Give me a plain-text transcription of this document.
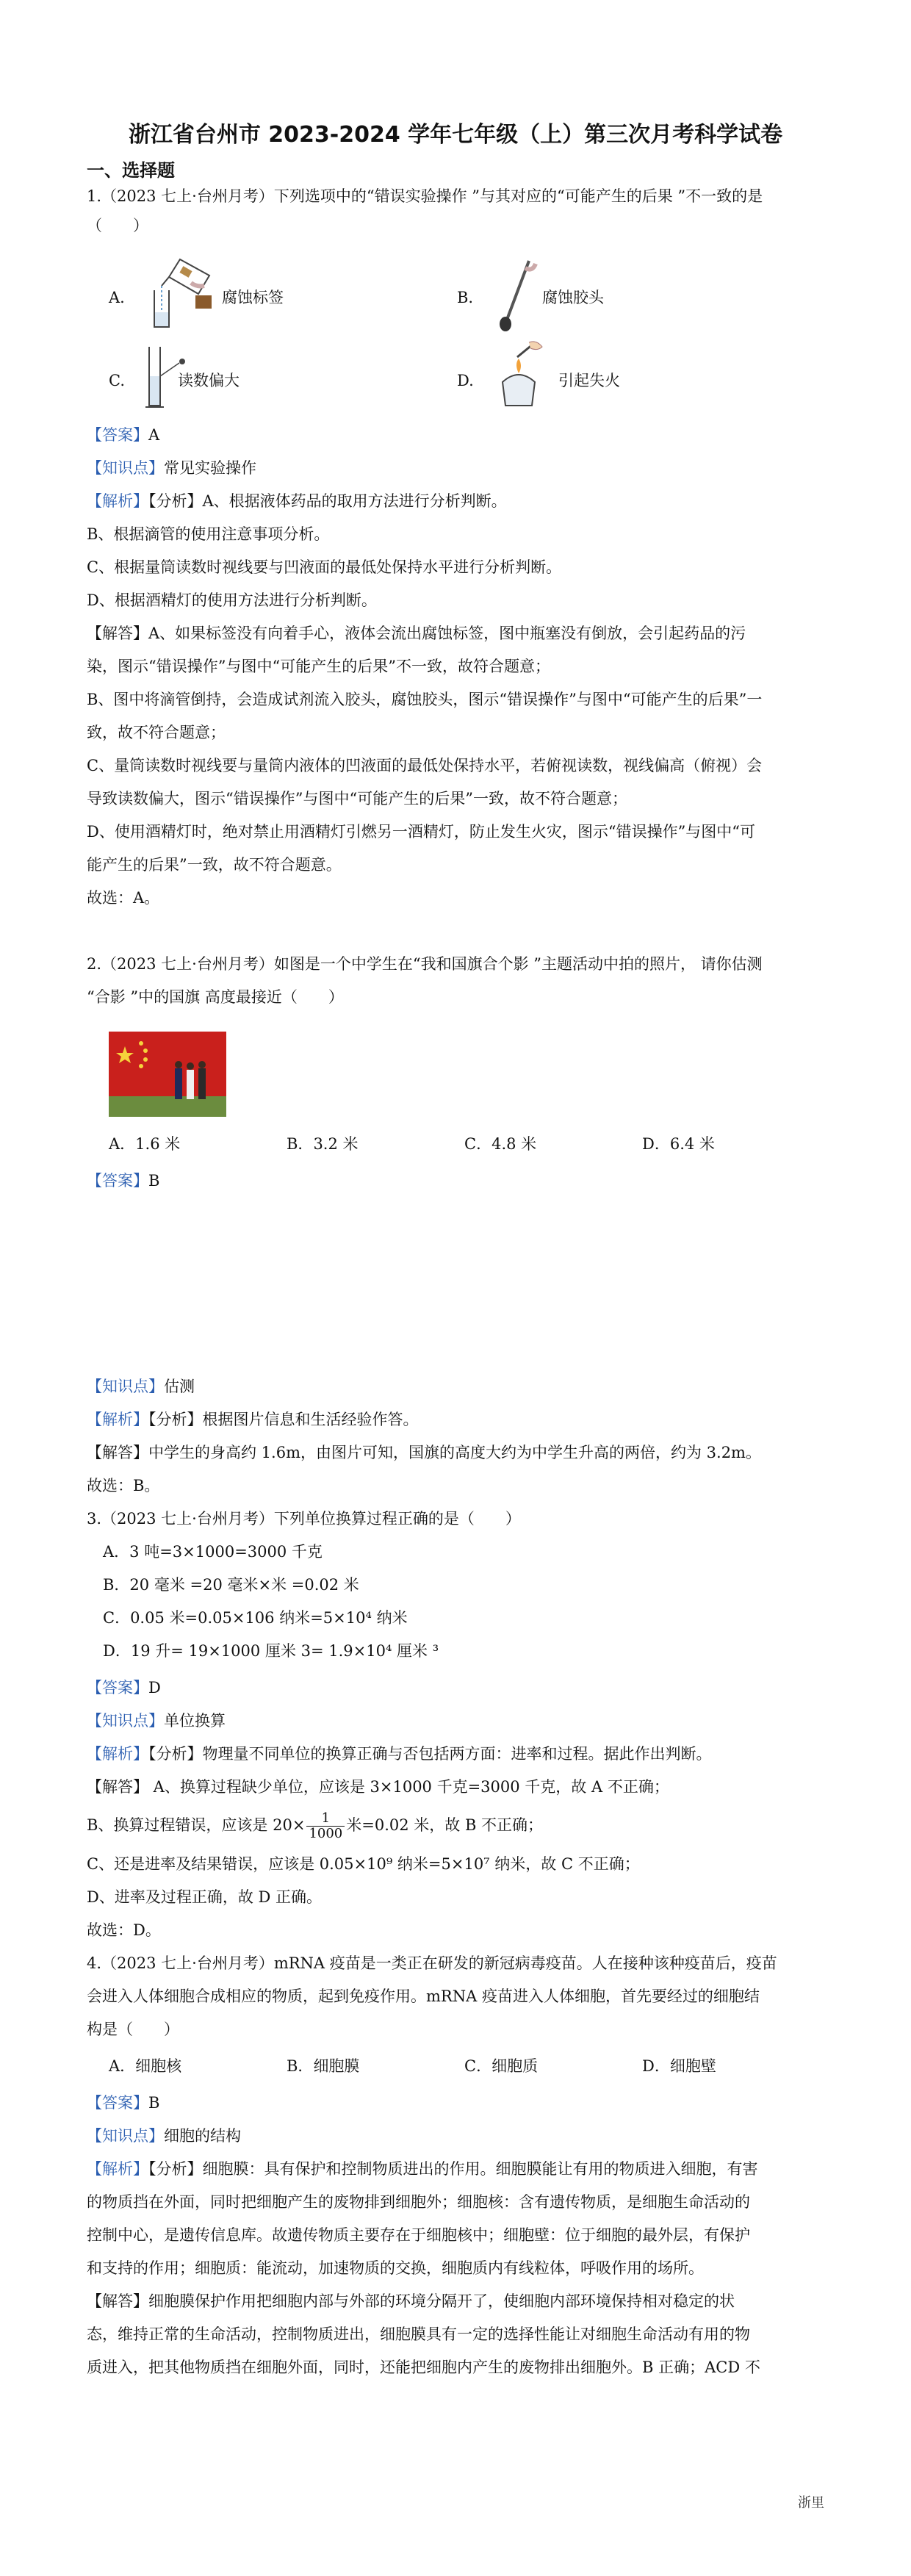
浙江省台州市 2023-2024 学年七年级（上）第三次月考科学试卷
一、选择题
1.（2023 七上·台州月考）下列选项中的“错误实验操作 ”与其对应的“可能产生的后果 ”不一致的是
（　　）
A.	腐蚀标签	B.	腐蚀胶头
C.	读数偏大	D.	引起失火
【答案】A
【知识点】常见实验操作
【解析】【分析】A、根据液体药品的取用方法进行分析判断。
B、根据滴管的使用注意事项分析。
C、根据量筒读数时视线要与凹液面的最低处保持水平进行分析判断。
D、根据酒精灯的使用方法进行分析判断。
【解答】A、如果标签没有向着手心，液体会流出腐蚀标签，图中瓶塞没有倒放，会引起药品的污
染，图示“错误操作”与图中“可能产生的后果”不一致，故符合题意；
B、图中将滴管倒持，会造成试剂流入胶头，腐蚀胶头，图示“错误操作”与图中“可能产生的后果”一
致，故不符合题意；
C、量筒读数时视线要与量筒内液体的凹液面的最低处保持水平，若俯视读数，视线偏高（俯视）会
导致读数偏大，图示“错误操作”与图中“可能产生的后果”一致，故不符合题意；
D、使用酒精灯时，绝对禁止用酒精灯引燃另一酒精灯，防止发生火灾，图示“错误操作”与图中“可
能产生的后果”一致，故不符合题意。
故选：A。
2.（2023 七上·台州月考）如图是一个中学生在“我和国旗合个影 ”主题活动中拍的照片， 请你估测
“合影 ”中的国旗 高度最接近（　　）
A．1.6 米	B．3.2 米	C．4.8 米	D．6.4 米
【答案】B
【知识点】估测
【解析】【分析】根据图片信息和生活经验作答。
【解答】中学生的身高约 1.6m，由图片可知，国旗的高度大约为中学生升高的两倍，约为 3.2m。
故选：B。
3.（2023 七上·台州月考）下列单位换算过程正确的是（　　）
A．3 吨=3×1000=3000 千克
B．20 毫米 =20 毫米×米 =0.02 米
C．0.05 米=0.05×106 纳米=5×10⁴ 纳米
D．19 升= 19×1000 厘米 3= 1.9×10⁴ 厘米 ³
【答案】D
【知识点】单位换算
【解析】【分析】物理量不同单位的换算正确与否包括两方面：进率和过程。据此作出判断。
【解答】 A、换算过程缺少单位，应该是 3×1000 千克=3000 千克，故 A 不正确；
B、换算过程错误，应该是 $20\times \frac{1}{1000}$ 米=0.02 米，故 B 不正确；
C、还是进率及结果错误，应该是 0.05×10⁹ 纳米=5×10⁷ 纳米，故 C 不正确；
D、进率及过程正确，故 D 正确。
故选：D。
4.（2023 七上·台州月考）mRNA 疫苗是一类正在研发的新冠病毒疫苗。人在接种该种疫苗后，疫苗
会进入人体细胞合成相应的物质，起到免疫作用。mRNA 疫苗进入人体细胞，首先要经过的细胞结
构是（　　）
A．细胞核	B．细胞膜	C．细胞质	D．细胞壁
【答案】B
【知识点】细胞的结构
【解析】【分析】细胞膜：具有保护和控制物质进出的作用。细胞膜能让有用的物质进入细胞，有害
的物质挡在外面，同时把细胞产生的废物排到细胞外；细胞核：含有遗传物质，是细胞生命活动的
控制中心，是遗传信息库。故遗传物质主要存在于细胞核中；细胞壁：位于细胞的最外层，有保护
和支持的作用；细胞质：能流动，加速物质的交换，细胞质内有线粒体，呼吸作用的场所。
【解答】细胞膜保护作用把细胞内部与外部的环境分隔开了，使细胞内部环境保持相对稳定的状
态，维持正常的生命活动，控制物质进出，细胞膜具有一定的选择性能让对细胞生命活动有用的物
质进入，把其他物质挡在细胞外面，同时，还能把细胞内产生的废物排出细胞外。B 正确；ACD 不
浙里
